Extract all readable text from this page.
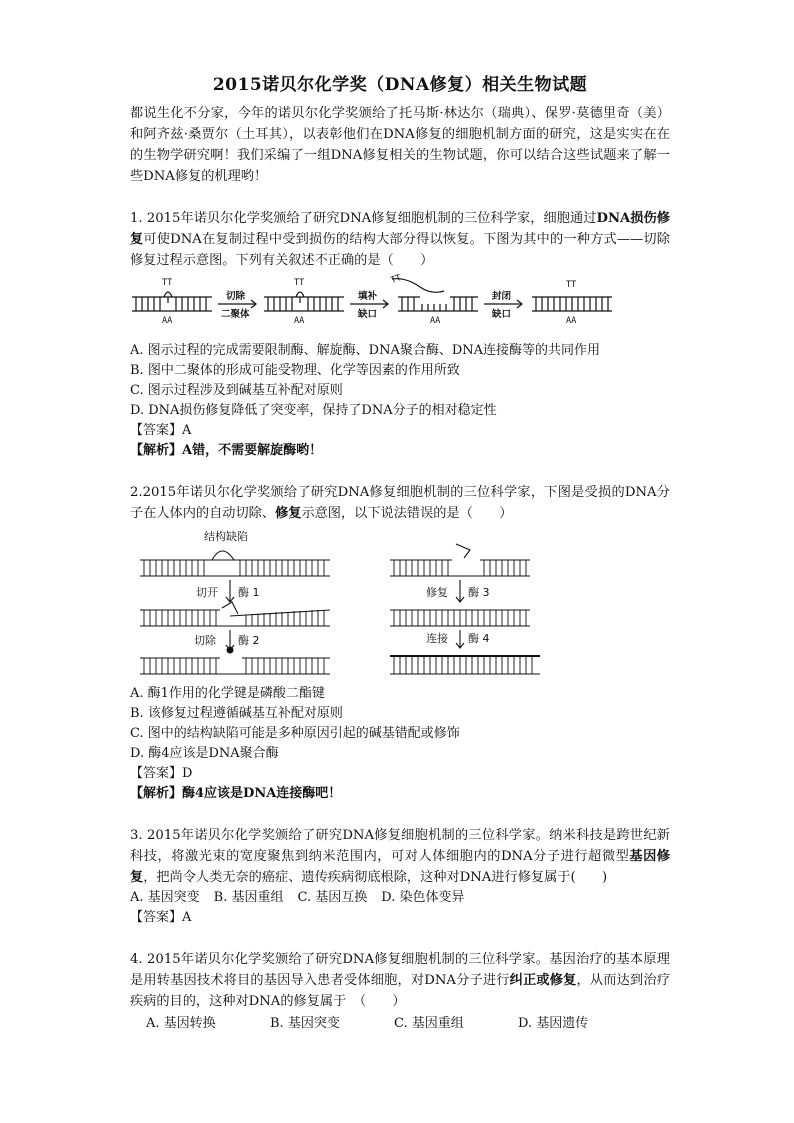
2015诺贝尔化学奖（DNA修复）相关生物试题

都说生化不分家，今年的诺贝尔化学奖颁给了托马斯·林达尔（瑞典）、保罗·莫德里奇（美）和阿齐兹·桑贾尔（土耳其），以表彰他们在DNA修复的细胞机制方面的研究，这是实实在在的生物学研究啊！我们采编了一组DNA修复相关的生物试题，你可以结合这些试题来了解一些DNA修复的机理哟！

1. 2015年诺贝尔化学奖颁给了研究DNA修复细胞机制的三位科学家，细胞通过DNA损伤修复可使DNA在复制过程中受到损伤的结构大部分得以恢复。下图为其中的一种方式——切除修复过程示意图。下列有关叙述不正确的是（　　）

TT
AA
TT
AA
TT
AA
TT
AA
切除
二聚体
填补
缺口
封闭
缺口

A. 图示过程的完成需要限制酶、解旋酶、DNA聚合酶、DNA连接酶等的共同作用

B. 图中二聚体的形成可能受物理、化学等因素的作用所致

C. 图示过程涉及到碱基互补配对原则

D. DNA损伤修复降低了突变率，保持了DNA分子的相对稳定性

【答案】A

【解析】A错，不需要解旋酶哟！

2.2015年诺贝尔化学奖颁给了研究DNA修复细胞机制的三位科学家，下图是受损的DNA分子在人体内的自动切除、修复示意图，以下说法错误的是（　　）

结构缺陷
切开 酶 1
切除 酶 2
修复 酶 3
连接 酶 4

A. 酶1作用的化学键是磷酸二酯键

B. 该修复过程遵循碱基互补配对原则

C. 图中的结构缺陷可能是多种原因引起的碱基错配或修饰

D. 酶4应该是DNA聚合酶

【答案】D

【解析】酶4应该是DNA连接酶吧！

3. 2015年诺贝尔化学奖颁给了研究DNA修复细胞机制的三位科学家。纳米科技是跨世纪新科技，将激光束的宽度聚焦到纳米范围内，可对人体细胞内的DNA分子进行超微型基因修复，把尚令人类无奈的癌症、遗传疾病彻底根除，这种对DNA进行修复属于(　　)

A. 基因突变 B. 基因重组 C. 基因互换 D. 染色体变异

【答案】A

4. 2015年诺贝尔化学奖颁给了研究DNA修复细胞机制的三位科学家。基因治疗的基本原理是用转基因技术将目的基因导入患者受体细胞，对DNA分子进行纠正或修复，从而达到治疗疾病的目的，这种对DNA的修复属于　（　　）

A. 基因转换	B. 基因突变	C. 基因重组	D. 基因遗传
